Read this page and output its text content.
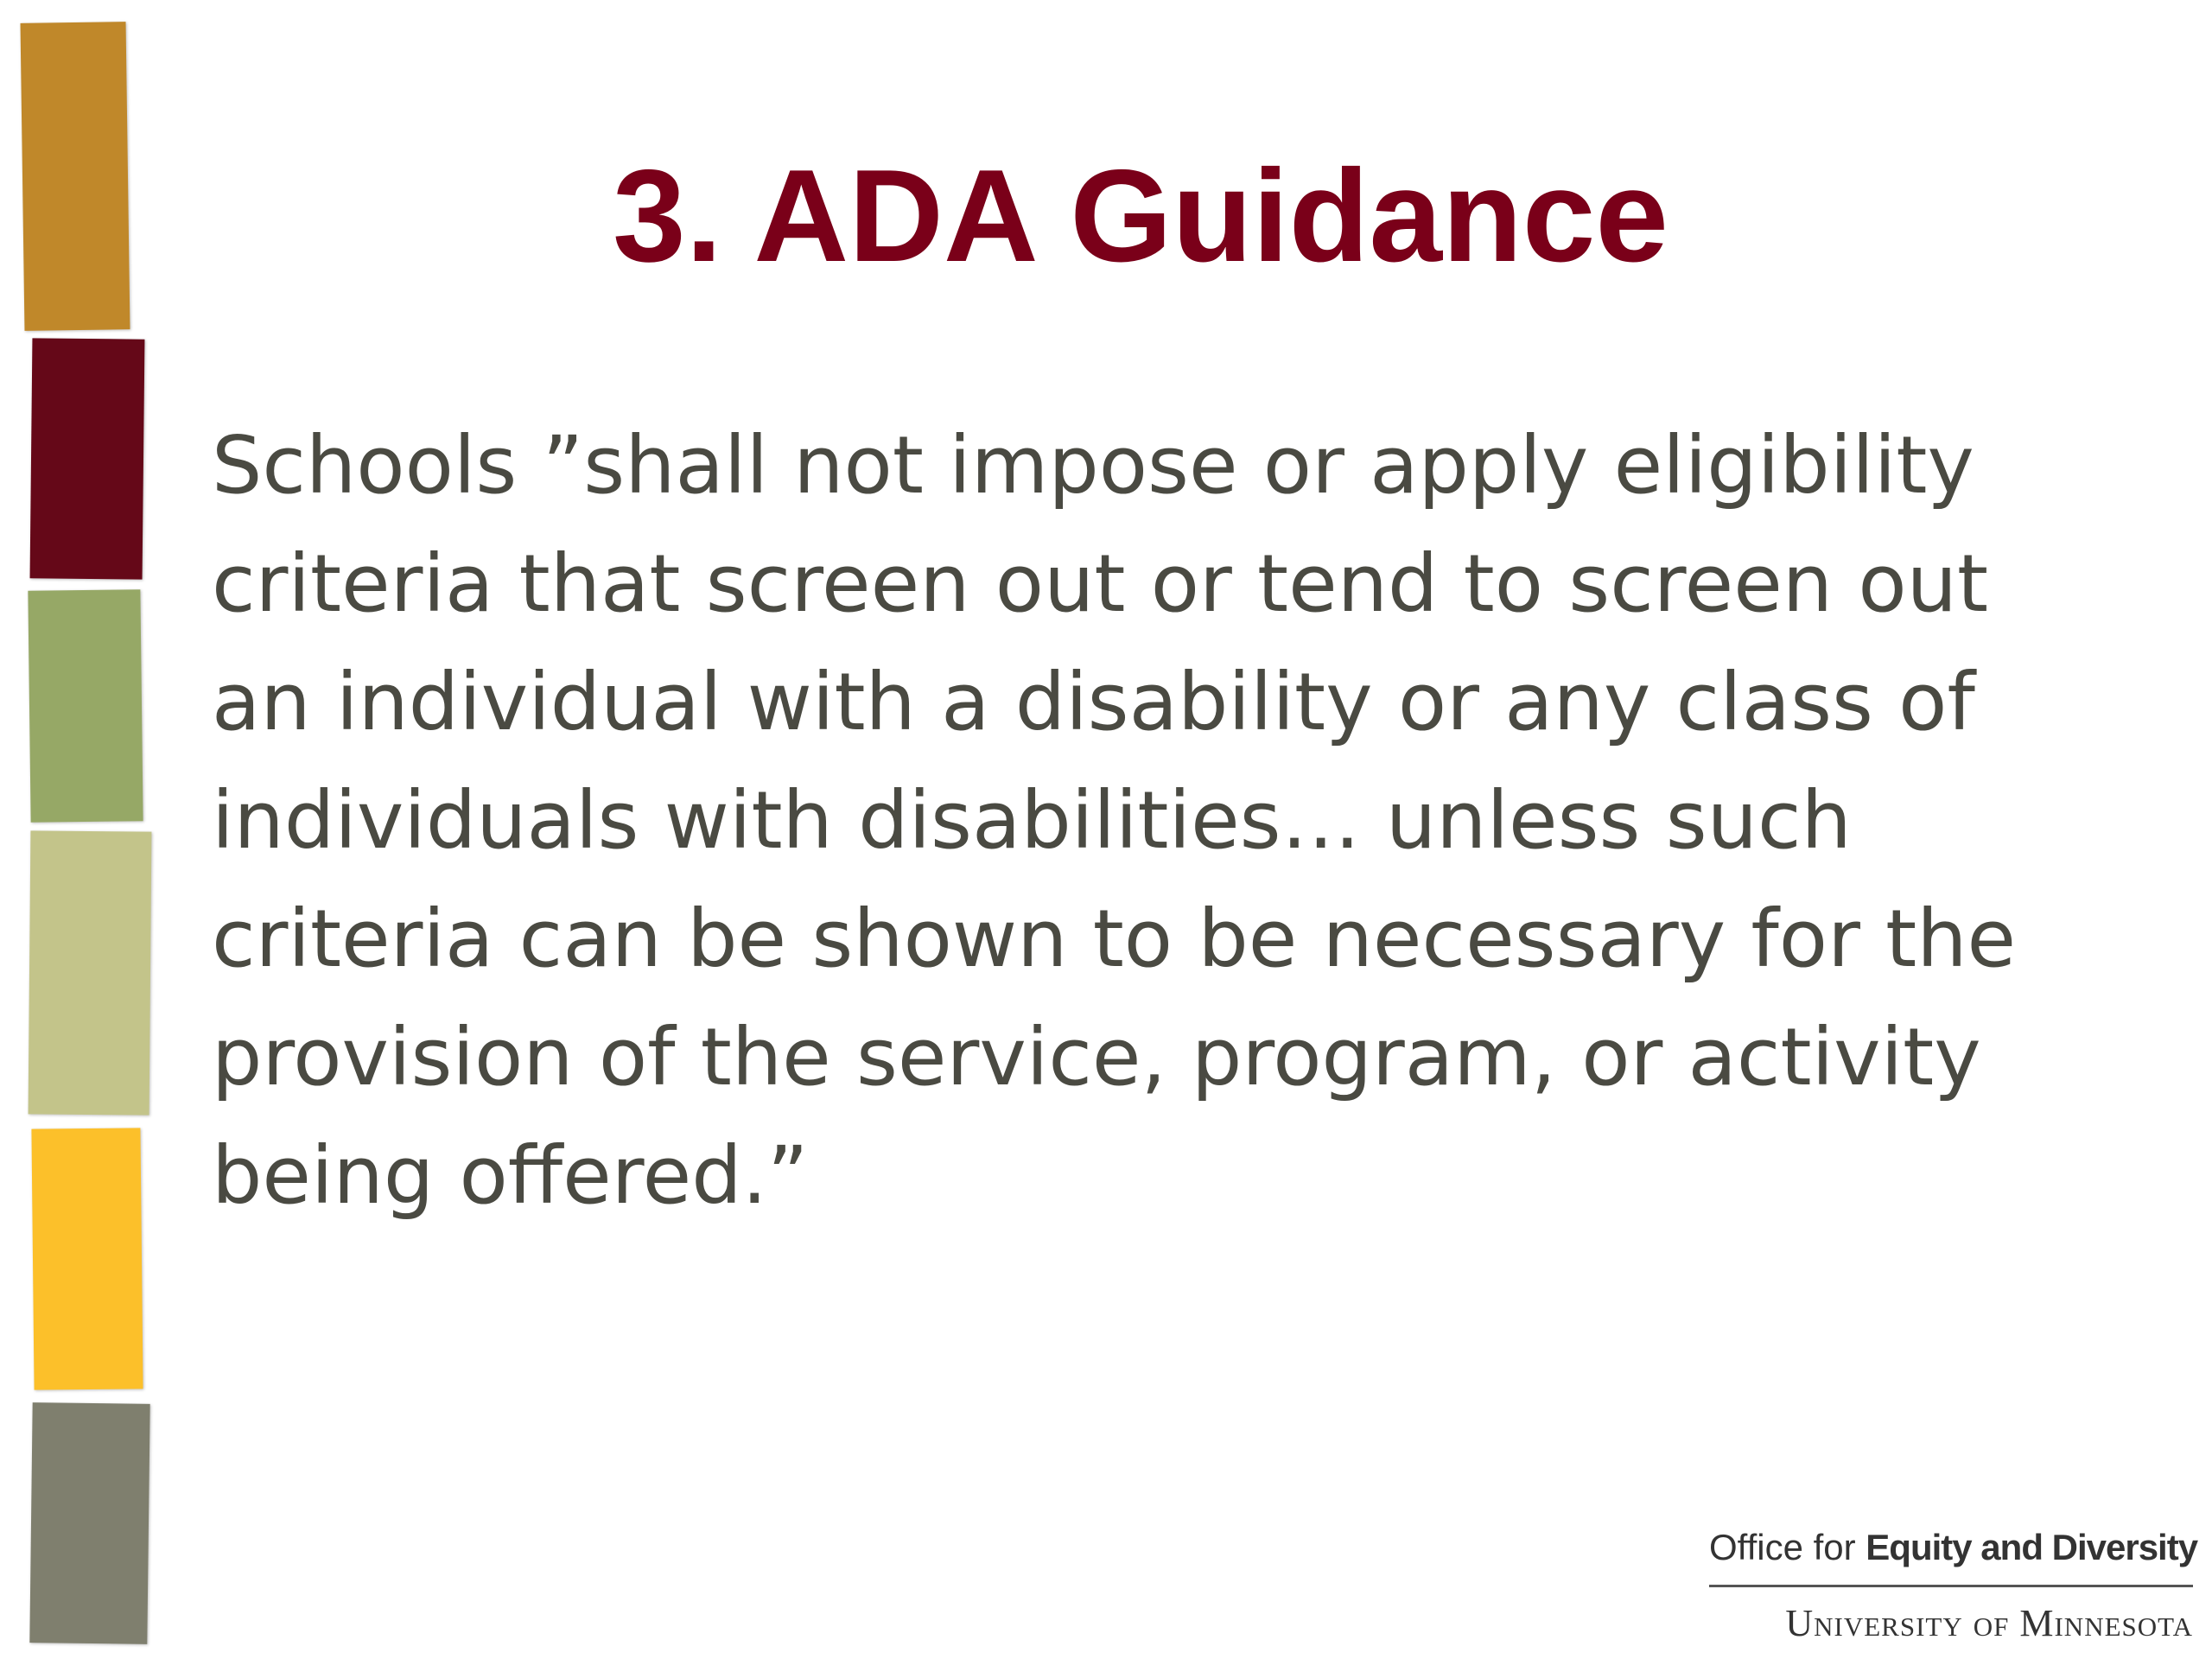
3. ADA Guidance
Schools ”shall not impose or apply eligibility
criteria that screen out or tend to screen out
an individual with a disability or any class of
individuals with disabilities… unless such
criteria can be shown to be necessary for the
provision of the service, program, or activity
being offered.”
Office for Equity and Diversity
University of Minnesota
